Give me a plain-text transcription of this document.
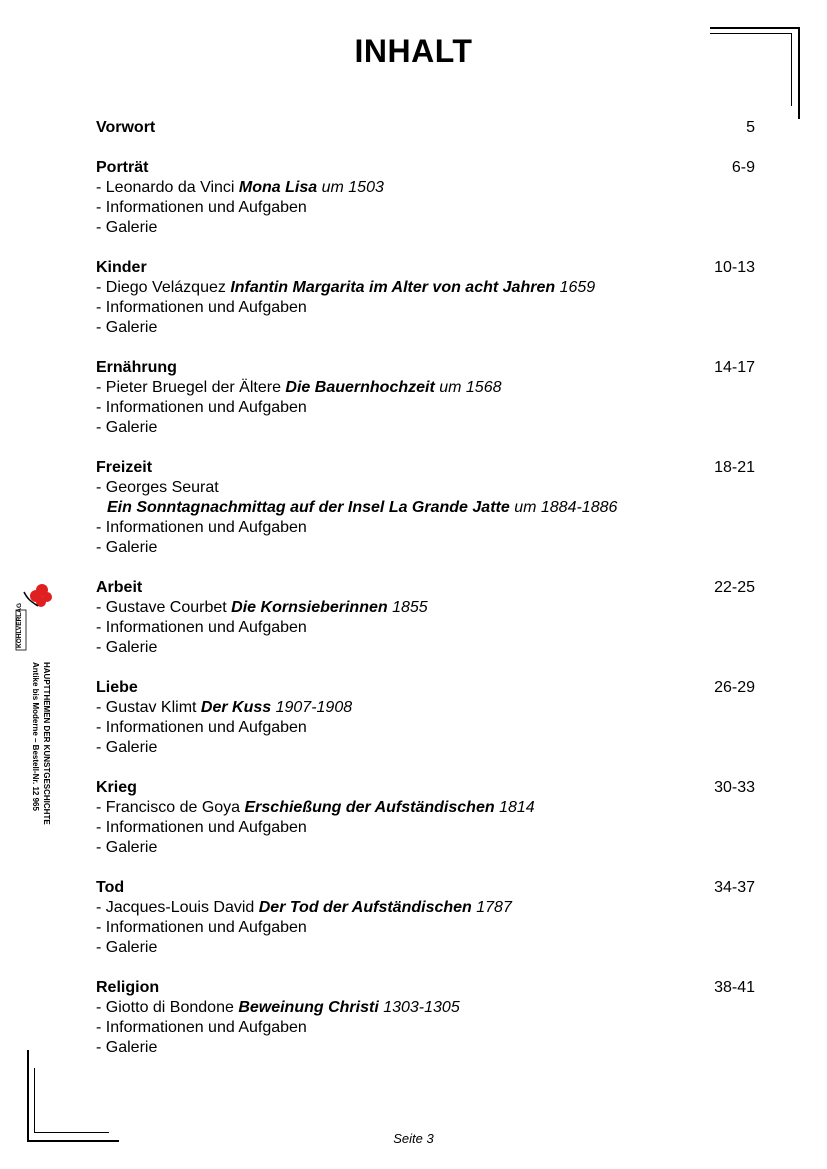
INHALT
Vorwort	5
Porträt	6-9
- Leonardo da Vinci Mona Lisa um 1503
- Informationen und Aufgaben
- Galerie
Kinder	10-13
- Diego Velázquez Infantin Margarita im Alter von acht Jahren 1659
- Informationen und Aufgaben
- Galerie
Ernährung	14-17
- Pieter Bruegel der Ältere Die Bauernhochzeit um 1568
- Informationen und Aufgaben
- Galerie
Freizeit	18-21
- Georges Seurat
Ein Sonntagnachmittag auf der Insel La Grande Jatte um 1884-1886
- Informationen und Aufgaben
- Galerie
Arbeit	22-25
- Gustave Courbet Die Kornsieberinnen 1855
- Informationen und Aufgaben
- Galerie
Liebe	26-29
- Gustav Klimt Der Kuss 1907-1908
- Informationen und Aufgaben
- Galerie
Krieg	30-33
- Francisco de Goya Erschießung der Aufständischen 1814
- Informationen und Aufgaben
- Galerie
Tod	34-37
- Jacques-Louis David Der Tod der Aufständischen 1787
- Informationen und Aufgaben
- Galerie
Religion	38-41
- Giotto di Bondone Beweinung Christi 1303-1305
- Informationen und Aufgaben
- Galerie
KOHLVERLAG
HAUPTTHEMEN DER KUNSTGESCHICHTE
Antike bis Moderne – Bestell-Nr. 12 965
Seite 3
